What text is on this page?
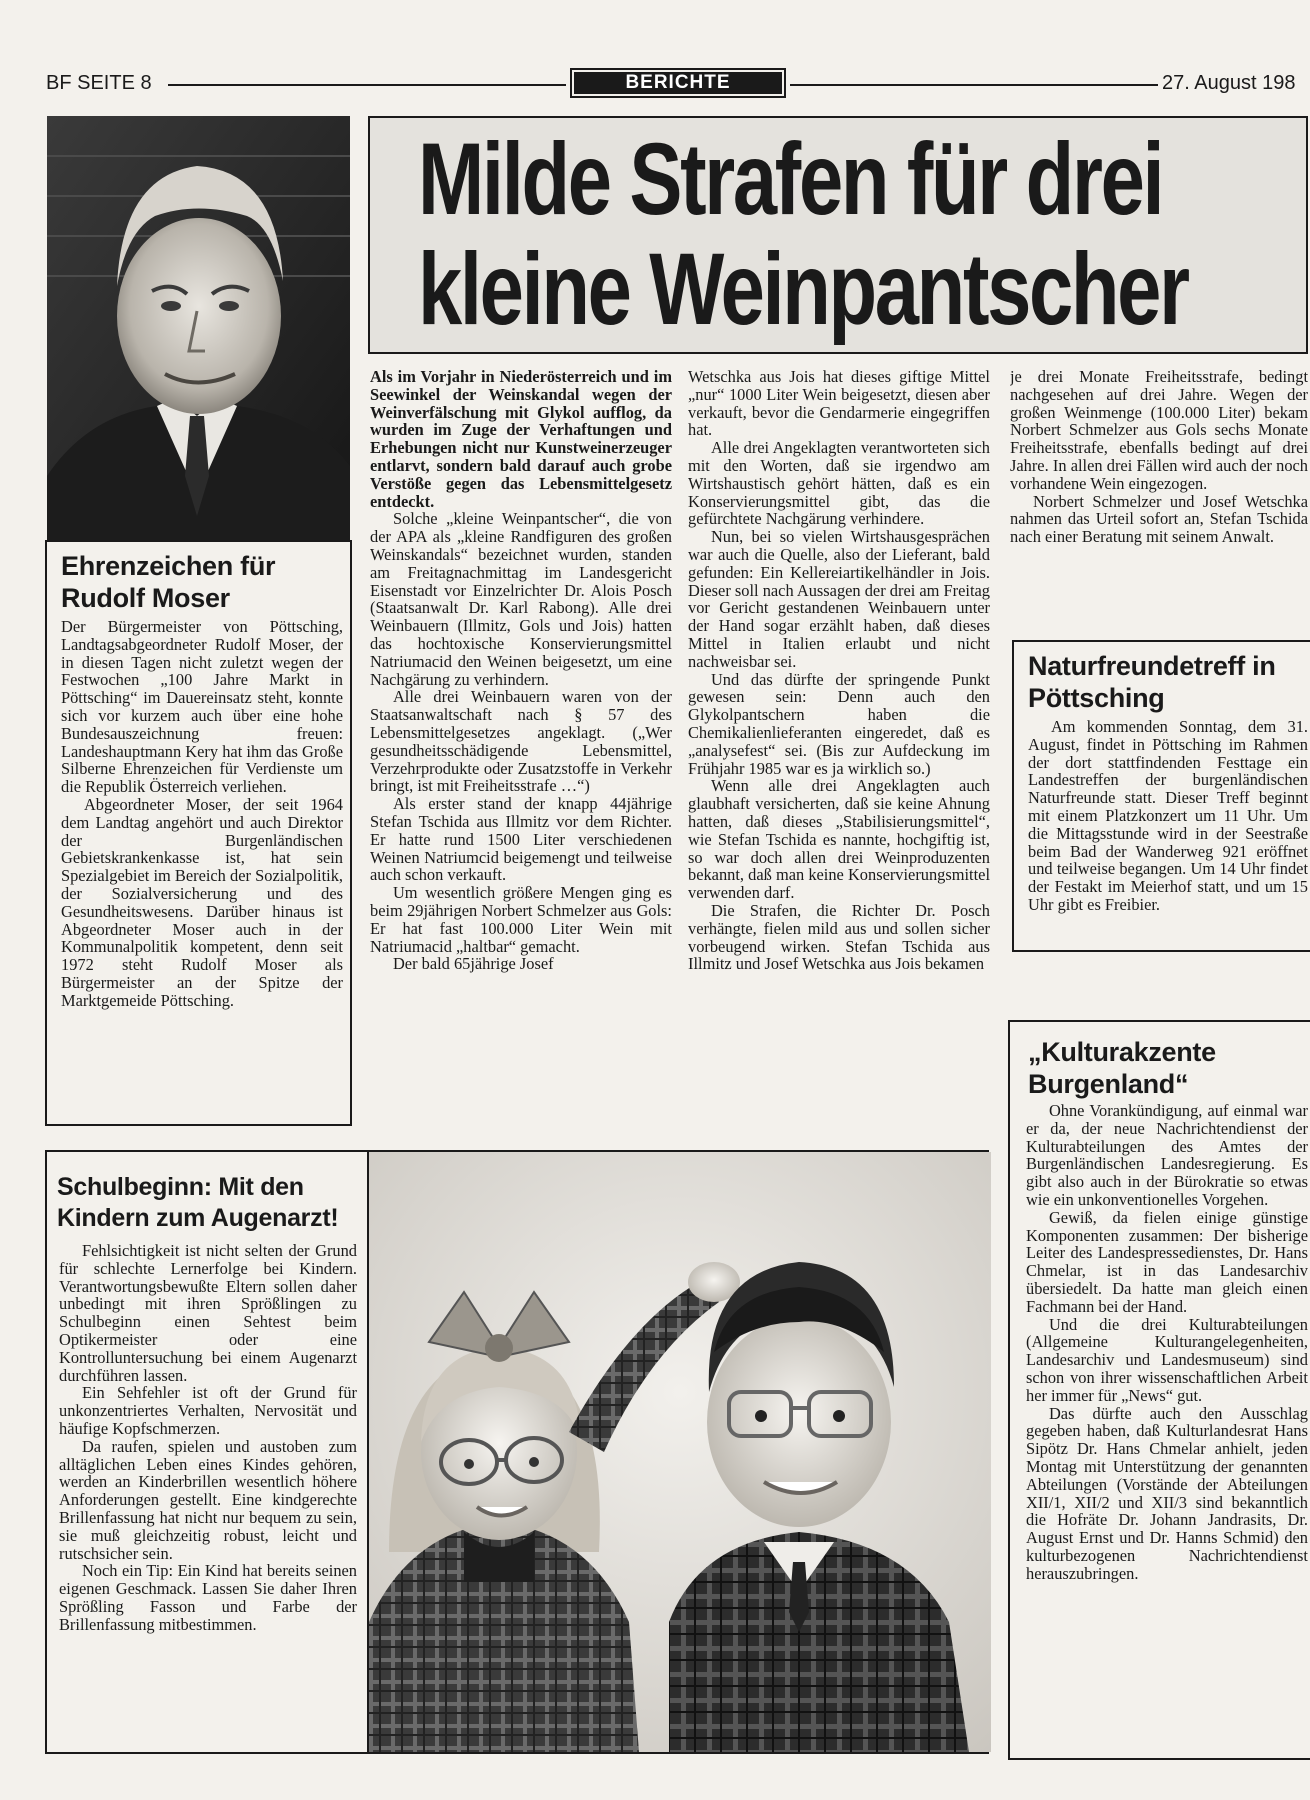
BF SEITE 8	BERICHTE	27. August 198
Ehrenzeichen für Rudolf Moser

Der Bürgermeister von Pöttsching, Landtagsabgeordneter Rudolf Moser, der in diesen Tagen nicht zuletzt wegen der Festwochen „100 Jahre Markt in Pöttsching“ im Dauereinsatz steht, konnte sich vor kurzem auch über eine hohe Bundesauszeichnung freuen: Landeshauptmann Kery hat ihm das Große Silberne Ehrenzeichen für Verdienste um die Republik Österreich verliehen.

Abgeordneter Moser, der seit 1964 dem Landtag angehört und auch Direktor der Burgenländischen Gebietskrankenkasse ist, hat sein Spezialgebiet im Bereich der Sozialpolitik, der Sozialversicherung und des Gesundheitswesens. Darüber hinaus ist Abgeordneter Moser auch in der Kommunalpolitik kompetent, denn seit 1972 steht Rudolf Moser als Bürgermeister an der Spitze der Marktgemeide Pöttsching.

Milde Strafen für drei
kleine Weinpantscher

Als im Vorjahr in Niederösterreich und im Seewinkel der Weinskandal wegen der Weinverfälschung mit Glykol aufflog, da wurden im Zuge der Verhaftungen und Erhebungen nicht nur Kunstweinerzeuger entlarvt, sondern bald darauf auch grobe Verstöße gegen das Lebensmittelgesetz entdeckt.

Solche „kleine Weinpantscher“, die von der APA als „kleine Randfiguren des großen Weinskandals“ bezeichnet wurden, standen am Freitagnachmittag im Landesgericht Eisenstadt vor Einzelrichter Dr. Alois Posch (Staatsanwalt Dr. Karl Rabong). Alle drei Weinbauern (Illmitz, Gols und Jois) hatten das hochtoxische Konservierungsmittel Natriumacid den Weinen beigesetzt, um eine Nachgärung zu verhindern.

Alle drei Weinbauern waren von der Staatsanwaltschaft nach § 57 des Lebensmittelgesetzes angeklagt. („Wer gesundheitsschädigende Lebensmittel, Verzehrprodukte oder Zusatzstoffe in Verkehr bringt, ist mit Freiheitsstrafe …“)

Als erster stand der knapp 44jährige Stefan Tschida aus Illmitz vor dem Richter. Er hatte rund 1500 Liter verschiedenen Weinen Natriumcid beigemengt und teilweise auch schon verkauft.

Um wesentlich größere Mengen ging es beim 29jährigen Norbert Schmelzer aus Gols: Er hat fast 100.000 Liter Wein mit Natriumacid „haltbar“ gemacht.

Der bald 65jährige Josef

Wetschka aus Jois hat dieses giftige Mittel „nur“ 1000 Liter Wein beigesetzt, diesen aber verkauft, bevor die Gendarmerie eingegriffen hat.

Alle drei Angeklagten verantworteten sich mit den Worten, daß sie irgendwo am Wirtshaustisch gehört hätten, daß es ein Konservierungsmittel gibt, das die gefürchtete Nachgärung verhindere.

Nun, bei so vielen Wirtshausgesprächen war auch die Quelle, also der Lieferant, bald gefunden: Ein Kellereiartikelhändler in Jois. Dieser soll nach Aussagen der drei am Freitag vor Gericht gestandenen Weinbauern unter der Hand sogar erzählt haben, daß dieses Mittel in Italien erlaubt und nicht nachweisbar sei.

Und das dürfte der springende Punkt gewesen sein: Denn auch den Glykolpantschern haben die Chemikalienlieferanten eingeredet, daß es „analysefest“ sei. (Bis zur Aufdeckung im Frühjahr 1985 war es ja wirklich so.)

Wenn alle drei Angeklagten auch glaubhaft versicherten, daß sie keine Ahnung hatten, daß dieses „Stabilisierungsmittel“, wie Stefan Tschida es nannte, hochgiftig ist, so war doch allen drei Weinproduzenten bekannt, daß man keine Konservierungsmittel verwenden darf.

Die Strafen, die Richter Dr. Posch verhängte, fielen mild aus und sollen sicher vorbeugend wirken. Stefan Tschida aus Illmitz und Josef Wetschka aus Jois bekamen

je drei Monate Freiheitsstrafe, bedingt nachgesehen auf drei Jahre. Wegen der großen Weinmenge (100.000 Liter) bekam Norbert Schmelzer aus Gols sechs Monate Freiheitsstrafe, ebenfalls bedingt auf drei Jahre. In allen drei Fällen wird auch der noch vorhandene Wein eingezogen.

Norbert Schmelzer und Josef Wetschka nahmen das Urteil sofort an, Stefan Tschida nach einer Beratung mit seinem Anwalt.

Naturfreundetreff in Pöttsching

Am kommenden Sonntag, dem 31. August, findet in Pöttsching im Rahmen der dort stattfindenden Festtage ein Landestreffen der burgenländischen Naturfreunde statt. Dieser Treff beginnt mit einem Platzkonzert um 11 Uhr. Um die Mittagsstunde wird in der Seestraße beim Bad der Wanderweg 921 eröffnet und teilweise begangen. Um 14 Uhr findet der Festakt im Meierhof statt, und um 15 Uhr gibt es Freibier.

„Kulturakzente Burgenland“

Ohne Vorankündigung, auf einmal war er da, der neue Nachrichtendienst der Kulturabteilungen des Amtes der Burgenländischen Landesregierung. Es gibt also auch in der Bürokratie so etwas wie ein unkonventionelles Vorgehen.

Gewiß, da fielen einige günstige Komponenten zusammen: Der bisherige Leiter des Landespressedienstes, Dr. Hans Chmelar, ist in das Landesarchiv übersiedelt. Da hatte man gleich einen Fachmann bei der Hand.

Und die drei Kulturabteilungen (Allgemeine Kulturangelegenheiten, Landesarchiv und Landesmuseum) sind schon von ihrer wissenschaftlichen Arbeit her immer für „News“ gut.

Das dürfte auch den Ausschlag gegeben haben, daß Kulturlandesrat Hans Sipötz Dr. Hans Chmelar anhielt, jeden Montag mit Unterstützung der genannten Abteilungen (Vorstände der Abteilungen XII/1, XII/2 und XII/3 sind bekanntlich die Hofräte Dr. Johann Jandrasits, Dr. August Ernst und Dr. Hanns Schmid) den kulturbezogenen Nachrichtendienst herauszubringen.

Schulbeginn: Mit den Kindern zum Augenarzt!

Fehlsichtigkeit ist nicht selten der Grund für schlechte Lernerfolge bei Kindern. Verantwortungsbewußte Eltern sollen daher unbedingt mit ihren Sprößlingen zu Schulbeginn einen Sehtest beim Optikermeister oder eine Kontrolluntersuchung bei einem Augenarzt durchführen lassen.

Ein Sehfehler ist oft der Grund für unkonzentriertes Verhalten, Nervosität und häufige Kopfschmerzen.

Da raufen, spielen und austoben zum alltäglichen Leben eines Kindes gehören, werden an Kinderbrillen wesentlich höhere Anforderungen gestellt. Eine kindgerechte Brillenfassung hat nicht nur bequem zu sein, sie muß gleichzeitig robust, leicht und rutschsicher sein.

Noch ein Tip: Ein Kind hat bereits seinen eigenen Geschmack. Lassen Sie daher Ihren Sprößling Fasson und Farbe der Brillenfassung mitbestimmen.
